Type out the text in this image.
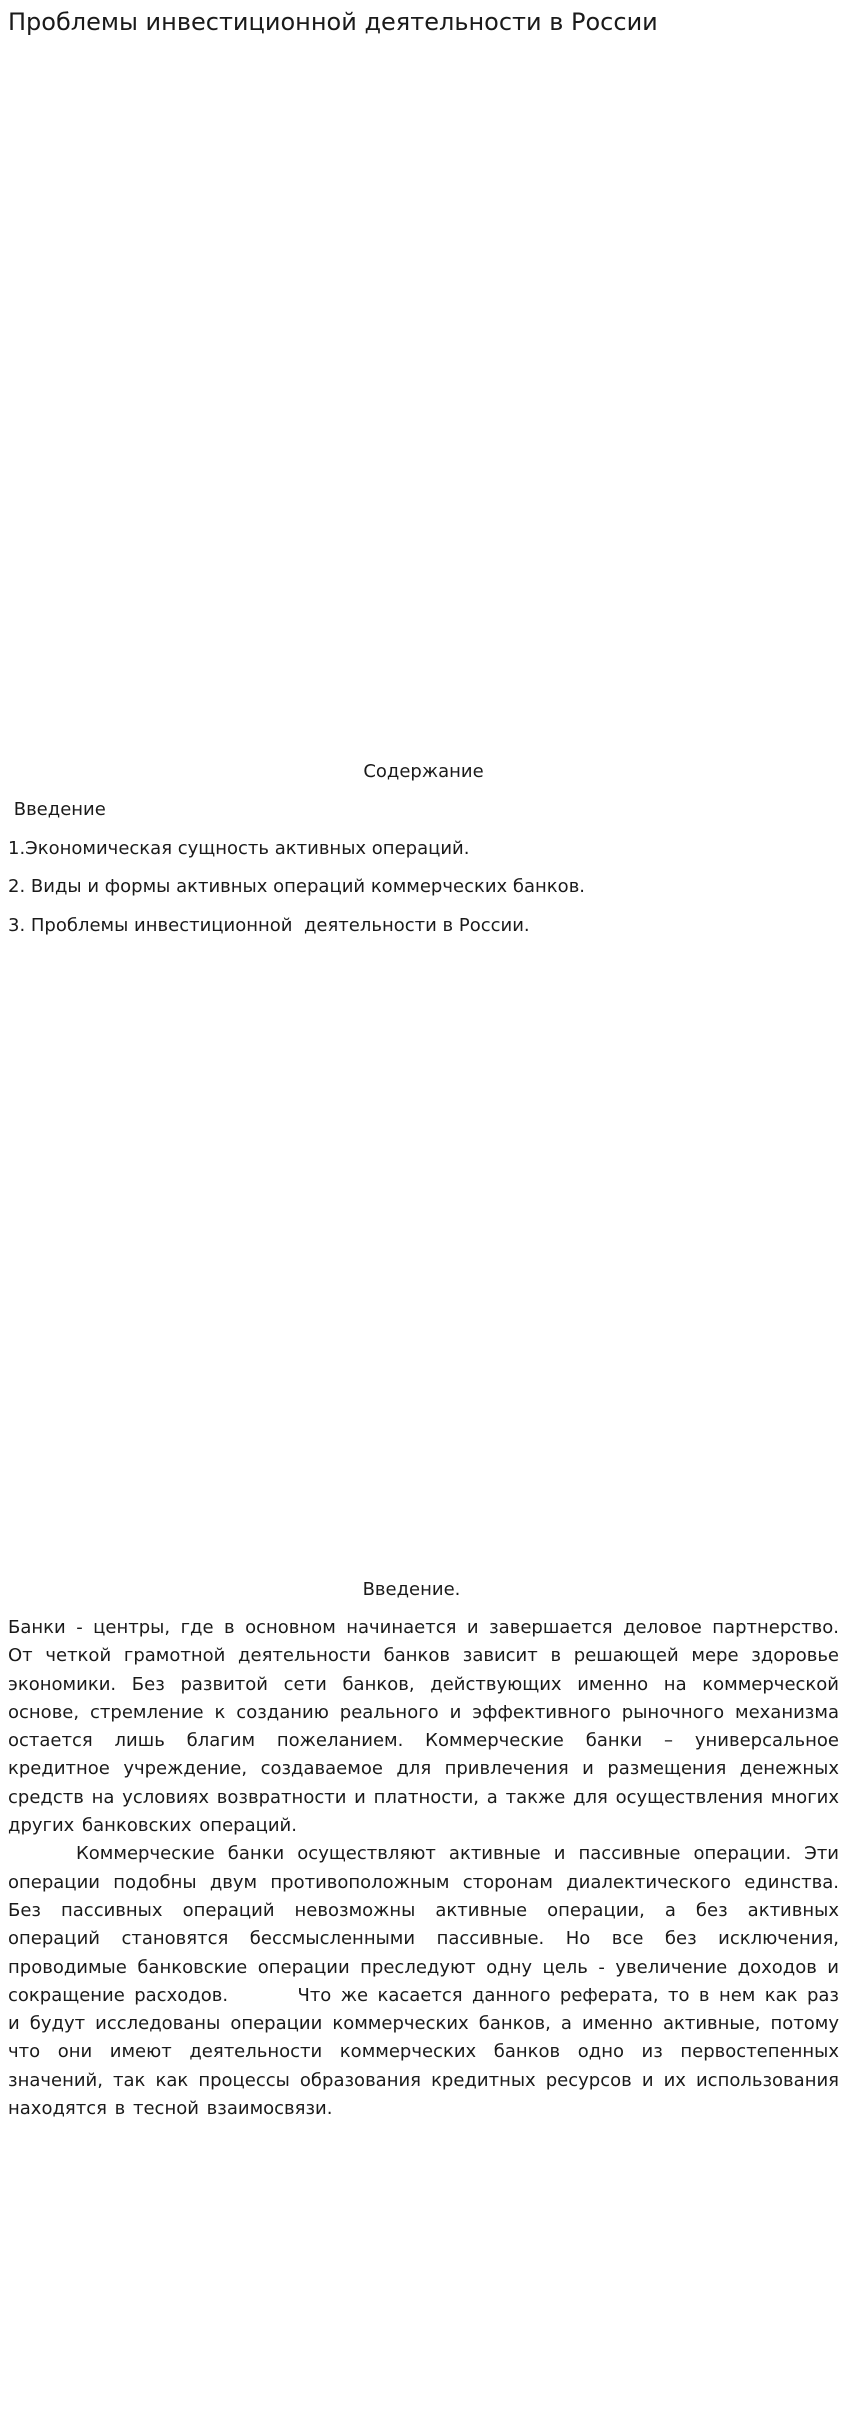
Проблемы инвестиционной деятельности в России
Содержание
Введение
1.Экономическая сущность активных операций.
2. Виды и формы активных операций коммерческих банков.
3. Проблемы инвестиционной  деятельности в России.
Введение.

Банки - центры, где в основном начинается и завершается деловое партнерство. От четкой грамотной деятельности банков зависит в решающей мере здоровье экономики. Без развитой сети банков, действующих именно на коммерческой основе, стремление к созданию реального и эффективного рыночного механизма остается лишь благим пожеланием. Коммерческие банки – универсальное кредитное учреждение, создаваемое для привлечения и размещения денежных средств на условиях возвратности и платности, а также для осуществления многих других банковских операций.
Коммерческие банки осуществляют активные и пассивные операции. Эти операции подобны двум противоположным сторонам диалектического единства. Без пассивных операций невозможны активные операции, а без активных операций становятся бессмысленными пассивные. Но все без исключения, проводимые банковские операции преследуют одну цель - увеличение доходов и сокращение расходов.	Что же касается данного реферата, то в нем как раз и будут исследованы операции коммерческих банков, а именно активные, потому что они имеют деятельности коммерческих банков одно из первостепенных значений, так как процессы образования кредитных ресурсов и их использования находятся в тесной взаимосвязи.
